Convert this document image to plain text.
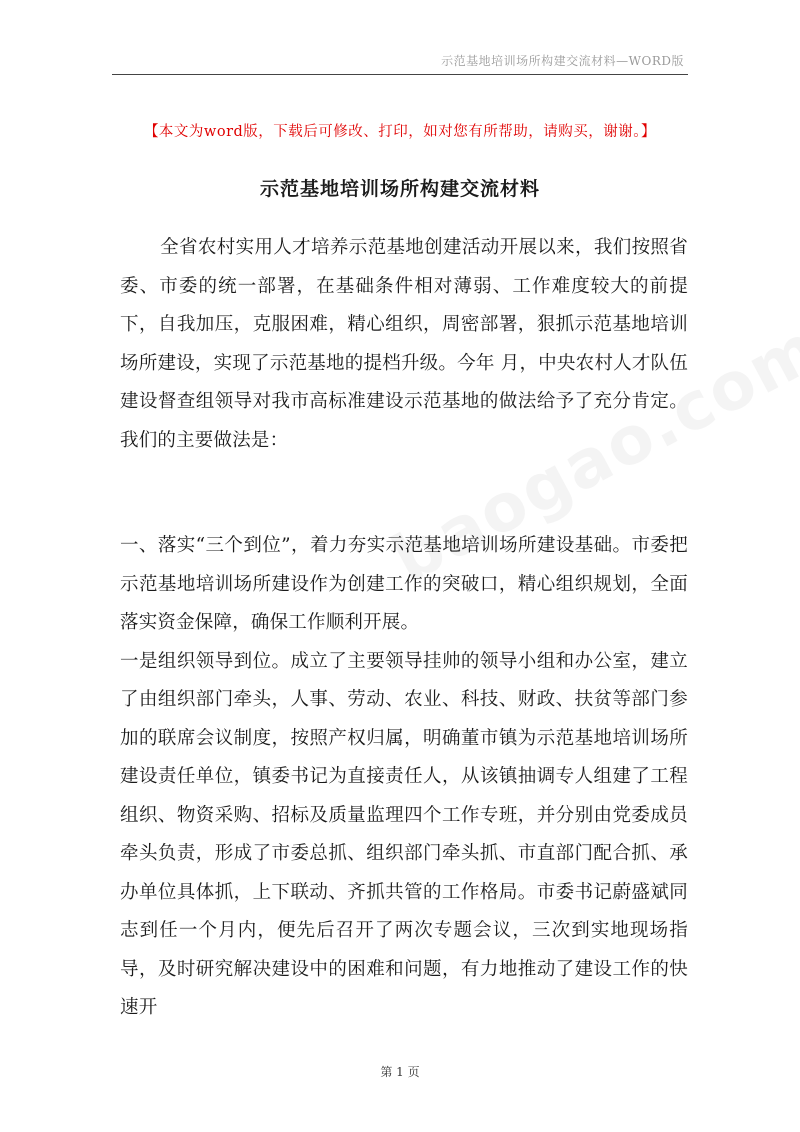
示范基地培训场所构建交流材料—WORD版
【本文为word版，下载后可修改、打印，如对您有所帮助，请购买，谢谢。】
示范基地培训场所构建交流材料

全省农村实用人才培养示范基地创建活动开展以来，我们按照省委、市委的统一部署，在基础条件相对薄弱、工作难度较大的前提下，自我加压，克服困难，精心组织，周密部署，狠抓示范基地培训场所建设，实现了示范基地的提档升级。今年 月，中央农村人才队伍建设督查组领导对我市高标准建设示范基地的做法给予了充分肯定。我们的主要做法是：

一、落实“三个到位”，着力夯实示范基地培训场所建设基础。市委把示范基地培训场所建设作为创建工作的突破口，精心组织规划，全面落实资金保障，确保工作顺利开展。

一是组织领导到位。成立了主要领导挂帅的领导小组和办公室，建立了由组织部门牵头，人事、劳动、农业、科技、财政、扶贫等部门参加的联席会议制度，按照产权归属，明确董市镇为示范基地培训场所建设责任单位，镇委书记为直接责任人，从该镇抽调专人组建了工程组织、物资采购、招标及质量监理四个工作专班，并分别由党委成员牵头负责，形成了市委总抓、组织部门牵头抓、市直部门配合抓、承办单位具体抓，上下联动、齐抓共管的工作格局。市委书记蔚盛斌同志到任一个月内，便先后召开了两次专题会议，三次到实地现场指导，及时研究解决建设中的困难和问题，有力地推动了建设工作的快速开

第 1 页
